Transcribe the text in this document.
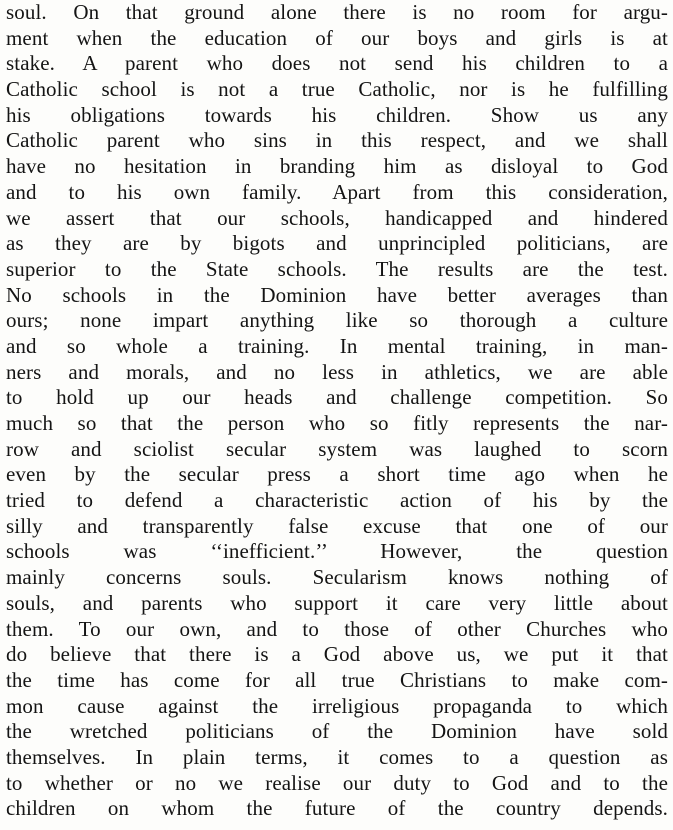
soul. On that ground alone there is no room for argu-
ment when the education of our boys and girls is at
stake. A parent who does not send his children to a
Catholic school is not a true Catholic, nor is he fulfilling
his obligations towards his children. Show us any
Catholic parent who sins in this respect, and we shall
have no hesitation in branding him as disloyal to God
and to his own family. Apart from this consideration,
we assert that our schools, handicapped and hindered
as they are by bigots and unprincipled politicians, are
superior to the State schools. The results are the test.
No schools in the Dominion have better averages than
ours; none impart anything like so thorough a culture
and so whole a training. In mental training, in man-
ners and morals, and no less in athletics, we are able
to hold up our heads and challenge competition. So
much so that the person who so fitly represents the nar-
row and sciolist secular system was laughed to scorn
even by the secular press a short time ago when he
tried to defend a characteristic action of his by the
silly and transparently false excuse that one of our
schools was ‘‘inefficient.’’ However, the question
mainly concerns souls. Secularism knows nothing of
souls, and parents who support it care very little about
them. To our own, and to those of other Churches who
do believe that there is a God above us, we put it that
the time has come for all true Christians to make com-
mon cause against the irreligious propaganda to which
the wretched politicians of the Dominion have sold
themselves. In plain terms, it comes to a question as
to whether or no we realise our duty to God and to the
children on whom the future of the country depends.
